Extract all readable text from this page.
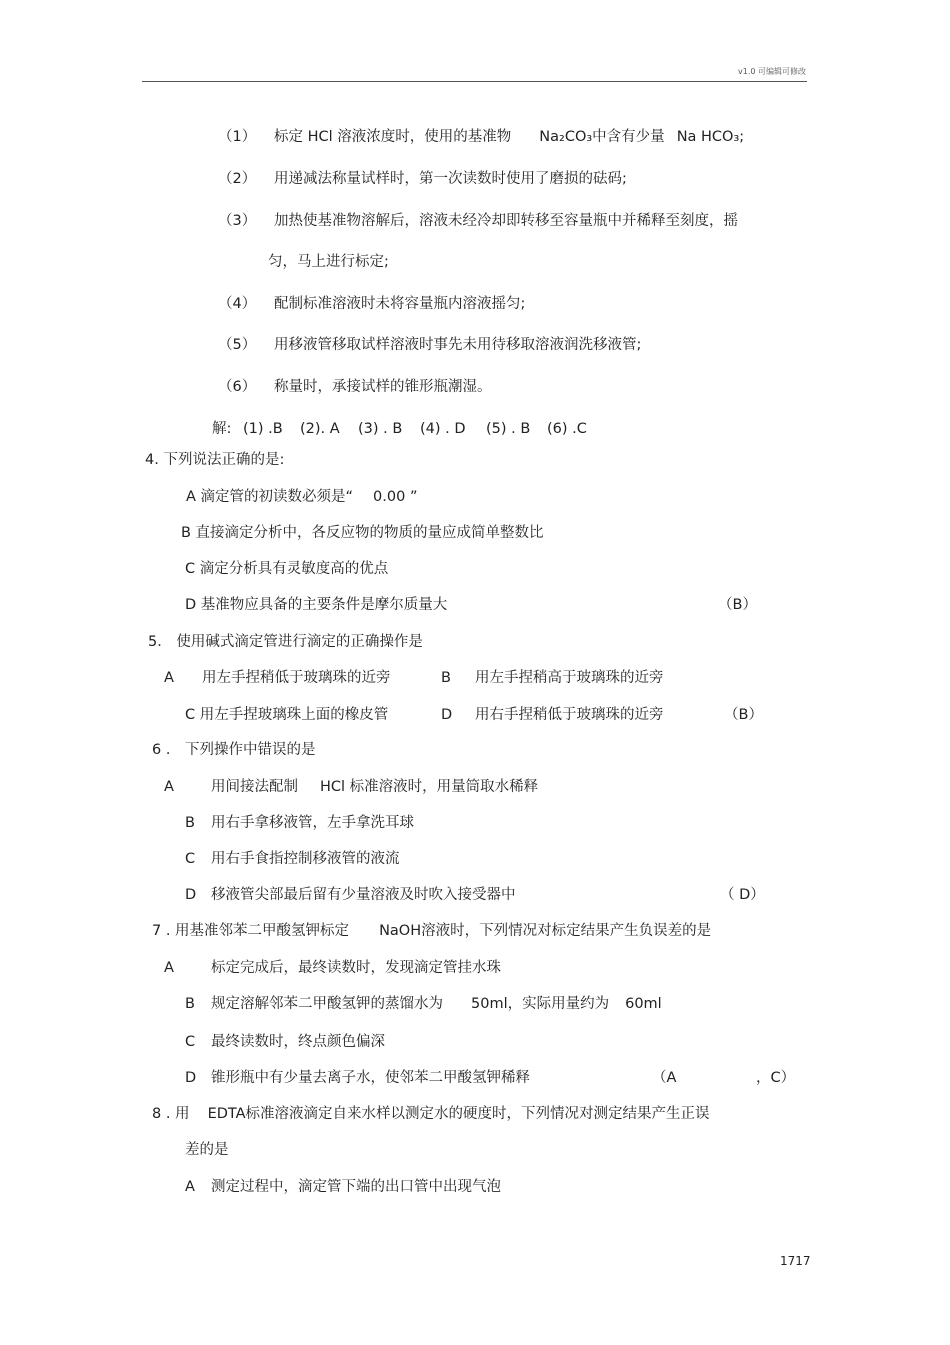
v1.0 可编辑可修改
（1） 标定 HCl 溶液浓度时，使用的基准物 Na₂CO₃中含有少量 Na HCO₃;
（2） 用递减法称量试样时，第一次读数时使用了磨损的砝码;
（3） 加热使基准物溶解后，溶液未经冷却即转移至容量瓶中并稀释至刻度，摇
匀，马上进行标定;
（4） 配制标准溶液时未将容量瓶内溶液摇匀;
（5） 用移液管移取试样溶液时事先未用待移取溶液润洗移液管;
（6） 称量时，承接试样的锥形瓶潮湿。
解: (1) .B (2). A (3) . B (4) . D (5) . B (6) .C
4. 下列说法正确的是:
A 滴定管的初读数必须是“ 0.00 ”
B 直接滴定分析中，各反应物的物质的量应成简单整数比
C 滴定分析具有灵敏度高的优点
D 基准物应具备的主要条件是摩尔质量大	（B）
5． 使用碱式滴定管进行滴定的正确操作是
A 用左手捏稍低于玻璃珠的近旁	B 用左手捏稍高于玻璃珠的近旁
C 用左手捏玻璃珠上面的橡皮管	D 用右手捏稍低于玻璃珠的近旁	（B）
6 ． 下列操作中错误的是
A	用间接法配制 HCl 标准溶液时，用量筒取水稀释
B 用右手拿移液管，左手拿洗耳球
C 用右手食指控制移液管的液流
D 移液管尖部最后留有少量溶液及时吹入接受器中	（ D）
7 . 用基准邻苯二甲酸氢钾标定 NaOH溶液时，下列情况对标定结果产生负误差的是
A	标定完成后，最终读数时，发现滴定管挂水珠
B 规定溶解邻苯二甲酸氢钾的蒸馏水为 50ml，实际用量约为 60ml
C 最终读数时，终点颜色偏深
D 锥形瓶中有少量去离子水，使邻苯二甲酸氢钾稀释	（A	，C）
8 . 用 EDTA标准溶液滴定自来水样以测定水的硬度时，下列情况对测定结果产生正误
差的是
A 测定过程中，滴定管下端的出口管中出现气泡
1717
